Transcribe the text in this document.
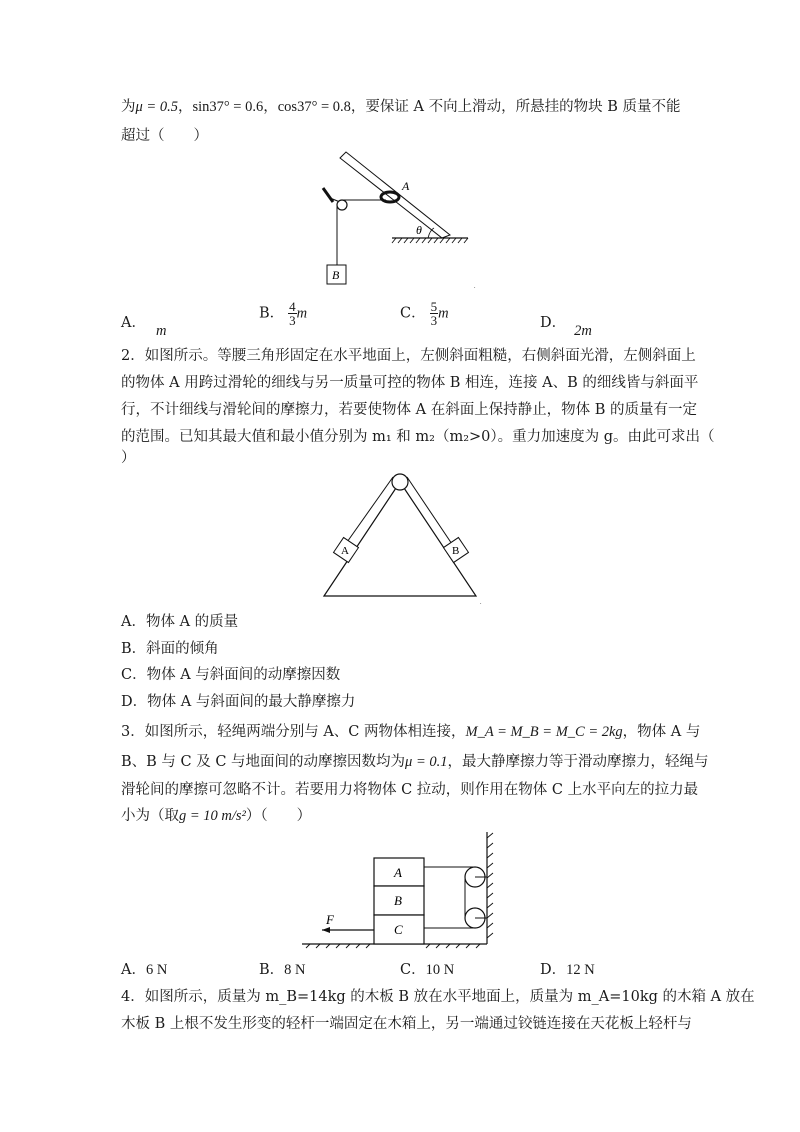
为μ = 0.5，sin37° = 0.6，cos37° = 0.8，要保证 A 不向上滑动，所悬挂的物块 B 质量不能
超过（　　）
B
A
θ
.
A． m
B． $\frac{4}{3}$ m	C． $\frac{5}{3}$ m
D． 2m
2．如图所示。等腰三角形固定在水平地面上，左侧斜面粗糙，右侧斜面光滑，左侧斜面上
的物体 A 用跨过滑轮的细线与另一质量可控的物体 B 相连，连接 A、B 的细线皆与斜面平
行，不计细线与滑轮间的摩擦力，若要使物体 A 在斜面上保持静止，物体 B 的质量有一定
的范围。已知其最大值和最小值分别为 m₁ 和 m₂（m₂>0）。重力加速度为 g。由此可求出（
）
A	B
.
A．物体 A 的质量
B．斜面的倾角
C．物体 A 与斜面间的动摩擦因数
D．物体 A 与斜面间的最大静摩擦力
3．如图所示，轻绳两端分别与 A、C 两物体相连接，M_A = M_B = M_C = 2kg，物体 A 与
B、B 与 C 及 C 与地面间的动摩擦因数均为μ = 0.1，最大静摩擦力等于滑动摩擦力，轻绳与
滑轮间的摩擦可忽略不计。若要用力将物体 C 拉动，则作用在物体 C 上水平向左的拉力最
小为（取g = 10 m/s²）（　　）
A
B
C
F
A．6 N	B．8 N	C．10 N	D．12 N
4．如图所示，质量为 m_B=14kg 的木板 B 放在水平地面上，质量为 m_A=10kg 的木箱 A 放在
木板 B 上根不发生形变的轻杆一端固定在木箱上，另一端通过铰链连接在天花板上轻杆与
